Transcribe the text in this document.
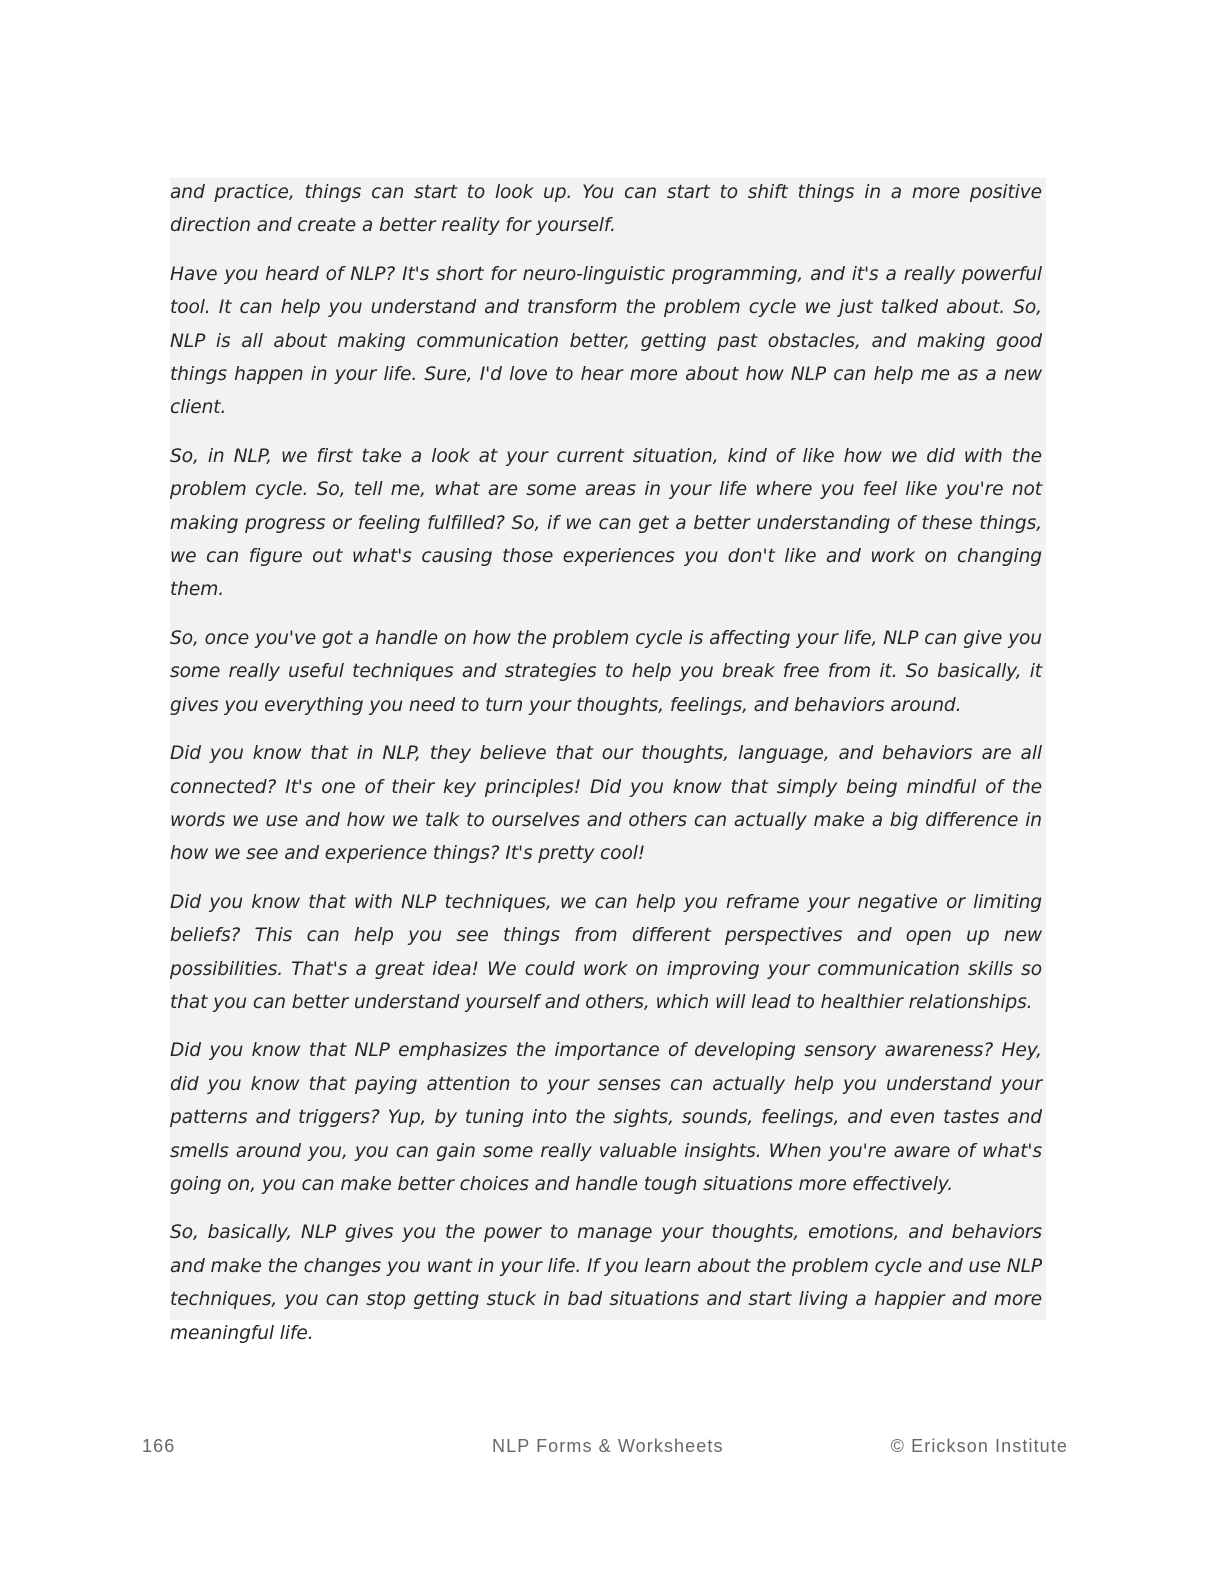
and practice, things can start to look up. You can start to shift things in a more positive direction and create a better reality for yourself.

Have you heard of NLP? It's short for neuro-linguistic programming, and it's a really powerful tool. It can help you understand and transform the problem cycle we just talked about. So, NLP is all about making communication better, getting past obstacles, and making good things happen in your life. Sure, I'd love to hear more about how NLP can help me as a new client.

So, in NLP, we first take a look at your current situation, kind of like how we did with the problem cycle. So, tell me, what are some areas in your life where you feel like you're not making progress or feeling fulfilled? So, if we can get a better understanding of these things, we can figure out what's causing those experiences you don't like and work on changing them.

So, once you've got a handle on how the problem cycle is affecting your life, NLP can give you some really useful techniques and strategies to help you break free from it. So basically, it gives you everything you need to turn your thoughts, feelings, and behaviors around.

Did you know that in NLP, they believe that our thoughts, language, and behaviors are all connected? It's one of their key principles! Did you know that simply being mindful of the words we use and how we talk to ourselves and others can actually make a big difference in how we see and experience things? It's pretty cool!

Did you know that with NLP techniques, we can help you reframe your negative or limiting beliefs? This can help you see things from different perspectives and open up new possibilities. That's a great idea! We could work on improving your communication skills so that you can better understand yourself and others, which will lead to healthier relationships.

Did you know that NLP emphasizes the importance of developing sensory awareness? Hey, did you know that paying attention to your senses can actually help you understand your patterns and triggers? Yup, by tuning into the sights, sounds, feelings, and even tastes and smells around you, you can gain some really valuable insights. When you're aware of what's going on, you can make better choices and handle tough situations more effectively.

So, basically, NLP gives you the power to manage your thoughts, emotions, and behaviors and make the changes you want in your life. If you learn about the problem cycle and use NLP techniques, you can stop getting stuck in bad situations and start living a happier and more meaningful life.

166	NLP Forms & Worksheets	© Erickson Institute
